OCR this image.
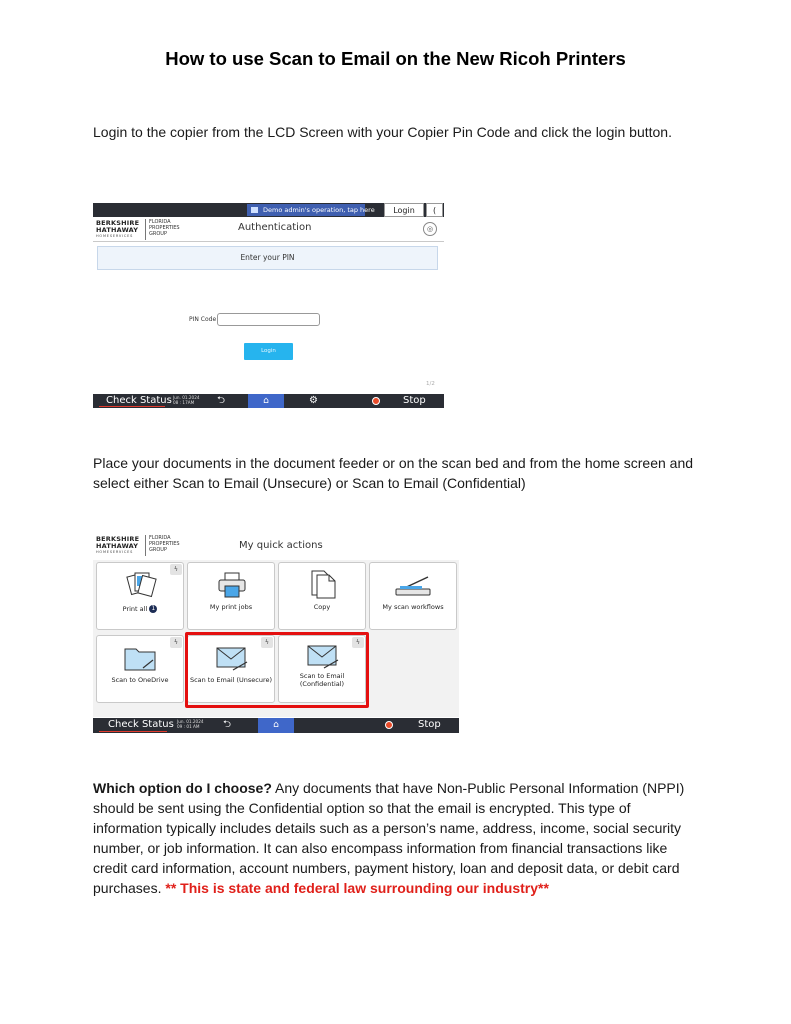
How to use Scan to Email on the New Ricoh Printers
Login to the copier from the LCD Screen with your Copier Pin Code and click the login button.
Demo admin's operation, tap here	Login	(
BERKSHIRE
HATHAWAY
HOMESERVICES
FLORIDA
PROPERTIES
GROUP
Authentication	◎
Enter your PIN
PIN Code
Login
1/2
Check Status Jun. 01.2024
08 : 17AM	⮌	⌂	⚙	Stop
Place your documents in the document feeder or on the scan bed and from the home screen and select either Scan to Email (Unsecure) or Scan to Email (Confidential)
BERKSHIRE
HATHAWAY
HOMESERVICES
FLORIDA
PROPERTIES
GROUP	My quick actions
ϟ
Print all 1	My print jobs	Copy	My scan workflows
ϟ
Scan to OneDrive
ϟ
Scan to Email (Unsecure)
ϟ
Scan to Email
(Confidential)
Check Status Jun. 01.2024
09 : 01 AM	⮌	⌂	Stop
Which option do I choose? Any documents that have Non-Public Personal Information (NPPI) should be sent using the Confidential option so that the email is encrypted. This type of information typically includes details such as a person’s name, address, income, social security number, or job information. It can also encompass information from financial transactions like credit card information, account numbers, payment history, loan and deposit data, or debit card purchases. ** This is state and federal law surrounding our industry**
